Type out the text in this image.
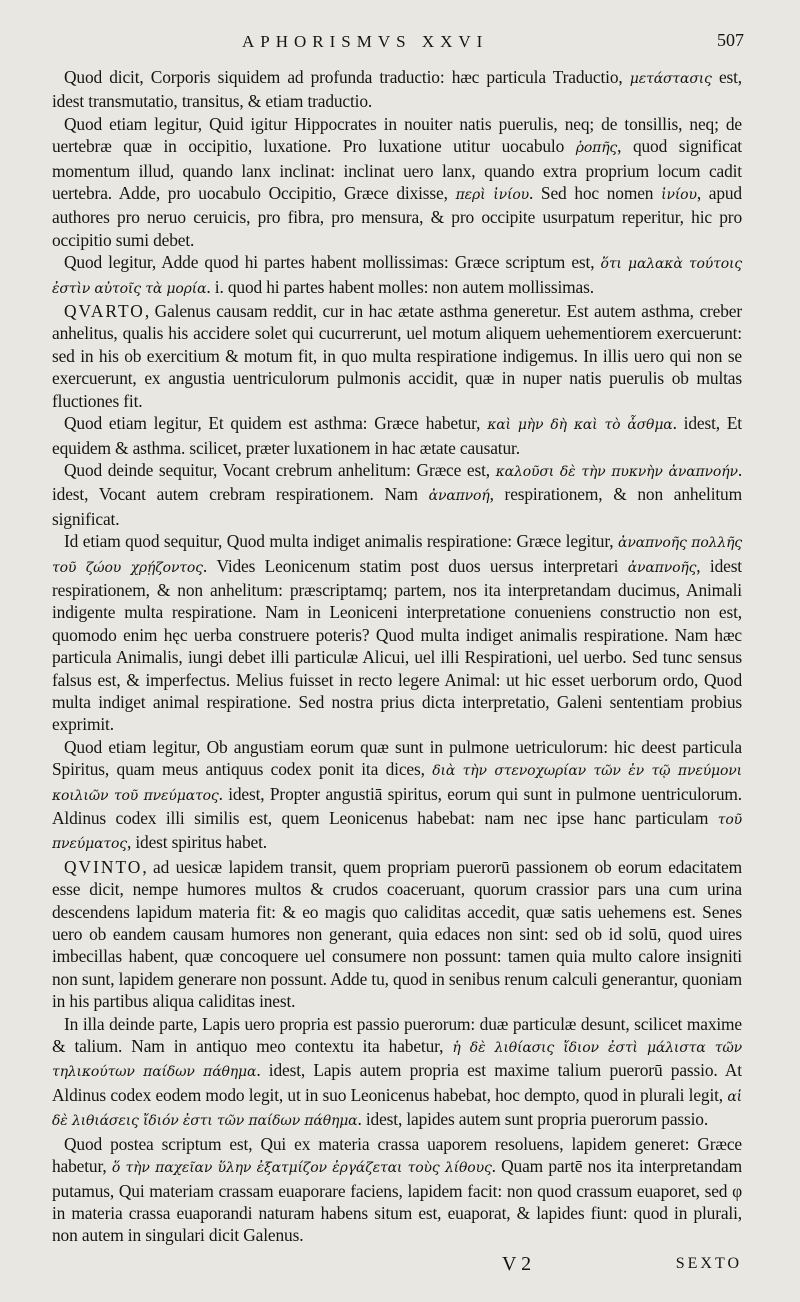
APHORISMVS XXVI	507

Quod dicit, Corporis siquidem ad profunda traductio: hæc particula Traductio, μετάστασις est, idest transmutatio, transitus, & etiam traductio.

Quod etiam legitur, Quid igitur Hippocrates in nouiter natis puerulis, neq; de tonsillis, neq; de uertebræ quæ in occipitio, luxatione. Pro luxatione utitur uocabulo ῥοπῆς, quod significat momentum illud, quando lanx inclinat: inclinat uero lanx, quando extra proprium locum cadit uertebra. Adde, pro uocabulo Occipitio, Græce dixisse, περὶ ἰνίου. Sed hoc nomen ἰνίου, apud authores pro neruo ceruicis, pro fibra, pro mensura, & pro occipite usurpatum reperitur, hic pro occipitio sumi debet.

Quod legitur, Adde quod hi partes habent mollissimas: Græce scriptum est, ὅτι μαλακὰ τούτοις ἐστὶν αὐτοῖς τὰ μορία. i. quod hi partes habent molles: non autem mollissimas.

QVARTO, Galenus causam reddit, cur in hac ætate asthma generetur. Est autem asthma, creber anhelitus, qualis his accidere solet qui cucurrerunt, uel motum aliquem uehementiorem exercuerunt: sed in his ob exercitium & motum fit, in quo multa respiratione indigemus. In illis uero qui non se exercuerunt, ex angustia uentriculorum pulmonis accidit, quæ in nuper natis puerulis ob multas fluctiones fit.

Quod etiam legitur, Et quidem est asthma: Græce habetur, καὶ μὴν δὴ καὶ τὸ ἆσθμα. idest, Et equidem & asthma. scilicet, præter luxationem in hac ætate causatur.

Quod deinde sequitur, Vocant crebrum anhelitum: Græce est, καλοῦσι δὲ τὴν πυκνὴν ἀναπνοήν. idest, Vocant autem crebram respirationem. Nam ἀναπνοή, respirationem, & non anhelitum significat.

Id etiam quod sequitur, Quod multa indiget animalis respiratione: Græce legitur, ἀναπνοῆς πολλῆς τοῦ ζώου χρῄζοντος. Vides Leonicenum statim post duos uersus interpretari ἀναπνοῆς, idest respirationem, & non anhelitum: præscriptamq; partem, nos ita interpretandam ducimus, Animali indigente multa respiratione. Nam in Leoniceni interpretatione conueniens constructio non est, quomodo enim hęc uerba construere poteris? Quod multa indiget animalis respiratione. Nam hæc particula Animalis, iungi debet illi particulæ Alicui, uel illi Respirationi, uel uerbo. Sed tunc sensus falsus est, & imperfectus. Melius fuisset in recto legere Animal: ut hic esset uerborum ordo, Quod multa indiget animal respiratione. Sed nostra prius dicta interpretatio, Galeni sententiam probius exprimit.

Quod etiam legitur, Ob angustiam eorum quæ sunt in pulmone uetriculorum: hic deest particula Spiritus, quam meus antiquus codex ponit ita dices, διὰ τὴν στενοχωρίαν τῶν ἐν τῷ πνεύμονι κοιλιῶν τοῦ πνεύματος. idest, Propter angustiā spiritus, eorum qui sunt in pulmone uentriculorum. Aldinus codex illi similis est, quem Leonicenus habebat: nam nec ipse hanc particulam τοῦ πνεύματος, idest spiritus habet.

QVINTO, ad uesicæ lapidem transit, quem propriam puerorū passionem ob eorum edacitatem esse dicit, nempe humores multos & crudos coaceruant, quorum crassior pars una cum urina descendens lapidum materia fit: & eo magis quo caliditas accedit, quæ satis uehemens est. Senes uero ob eandem causam humores non generant, quia edaces non sint: sed ob id solū, quod uires imbecillas habent, quæ concoquere uel consumere non possunt: tamen quia multo calore insigniti non sunt, lapidem generare non possunt. Adde tu, quod in senibus renum calculi generantur, quoniam in his partibus aliqua caliditas inest.

In illa deinde parte, Lapis uero propria est passio puerorum: duæ particulæ desunt, scilicet maxime & talium. Nam in antiquo meo contextu ita habetur, ἡ δὲ λιθίασις ἴδιον ἐστὶ μάλιστα τῶν τηλικούτων παίδων πάθημα. idest, Lapis autem propria est maxime talium puerorū passio. At Aldinus codex eodem modo legit, ut in suo Leonicenus habebat, hoc dempto, quod in plurali legit, αἱ δὲ λιθιάσεις ἴδιόν ἐστι τῶν παίδων πάθημα. idest, lapides autem sunt propria puerorum passio.

Quod postea scriptum est, Qui ex materia crassa uaporem resoluens, lapidem generet: Græce habetur, ὅ τὴν παχεῖαν ὕλην ἐξατμίζον ἐργάζεται τοὺς λίθους. Quam partē nos ita interpretandam putamus, Qui materiam crassam euaporare faciens, lapidem facit: non quod crassum euaporet, sed φ in materia crassa euaporandi naturam habens situm est, euaporat, & lapides fiunt: quod in plurali, non autem in singulari dicit Galenus.

V 2	SEXTO
